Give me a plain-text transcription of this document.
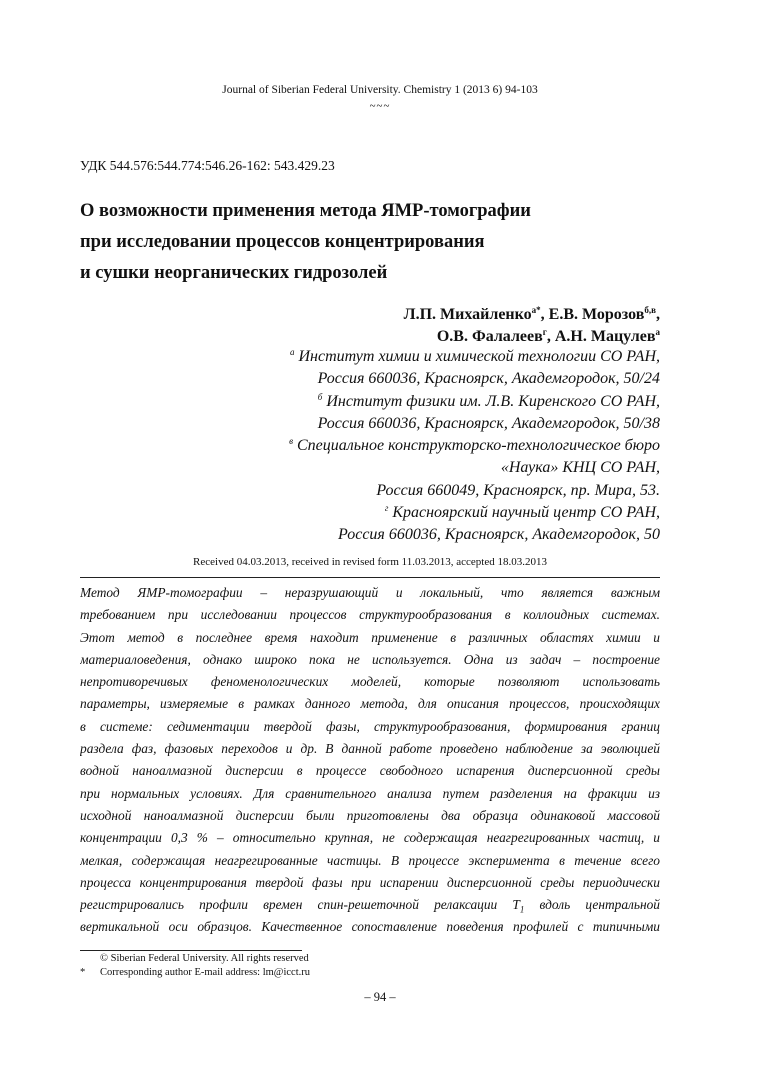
Journal of Siberian Federal University. Chemistry 1 (2013 6) 94-103
~~~
УДК 544.576:544.774:546.26-162: 543.429.23
О возможности применения метода ЯМР-томографии
при исследовании процессов концентрирования
и сушки неорганических гидрозолей
Л.П. Михайленко$^{а*}$, Е.В. Морозов$^{б,в}$,
О.В. Фалалеев$^г$, А.Н. Мацулев$^а$
$^а$ Институт химии и химической технологии СО РАН,
Россия 660036, Красноярск, Академгородок, 50/24
$^б$ Институт физики им. Л.В. Киренского СО РАН,
Россия 660036, Красноярск, Академгородок, 50/38
$^в$ Специальное конструкторско-технологическое бюро
«Наука» КНЦ СО РАН,
Россия 660049, Красноярск, пр. Мира, 53.
$^г$ Красноярский научный центр СО РАН,
Россия 660036, Красноярск, Академгородок, 50
Received 04.03.2013, received in revised form 11.03.2013, accepted 18.03.2013
Метод ЯМР-томографии – неразрушающий и локальный, что является важным
требованием при исследовании процессов структурообразования в коллоидных системах.
Этот метод в последнее время находит применение в различных областях химии и
материаловедения, однако широко пока не используется. Одна из задач – построение
непротиворечивых феноменологических моделей, которые позволяют использовать
параметры, измеряемые в рамках данного метода, для описания процессов, происходящих
в системе: седиментации твердой фазы, структурообразования, формирования границ
раздела фаз, фазовых переходов и др. В данной работе проведено наблюдение за эволюцией
водной наноалмазной дисперсии в процессе свободного испарения дисперсионной среды
при нормальных условиях. Для сравнительного анализа путем разделения на фракции из
исходной наноалмазной дисперсии были приготовлены два образца одинаковой массовой
концентрации 0,3 % – относительно крупная, не содержащая неагрегированных частиц, и
мелкая, содержащая неагрегированные частицы. В процессе эксперимента в течение всего
процесса концентрирования твердой фазы при испарении дисперсионной среды периодически
регистрировались профили времен спин-решеточной релаксации $T_1$ вдоль центральной
вертикальной оси образцов. Качественное сопоставление поведения профилей с типичными
© Siberian Federal University. All rights reserved
* Corresponding author E-mail address: lm@icct.ru
– 94 –
